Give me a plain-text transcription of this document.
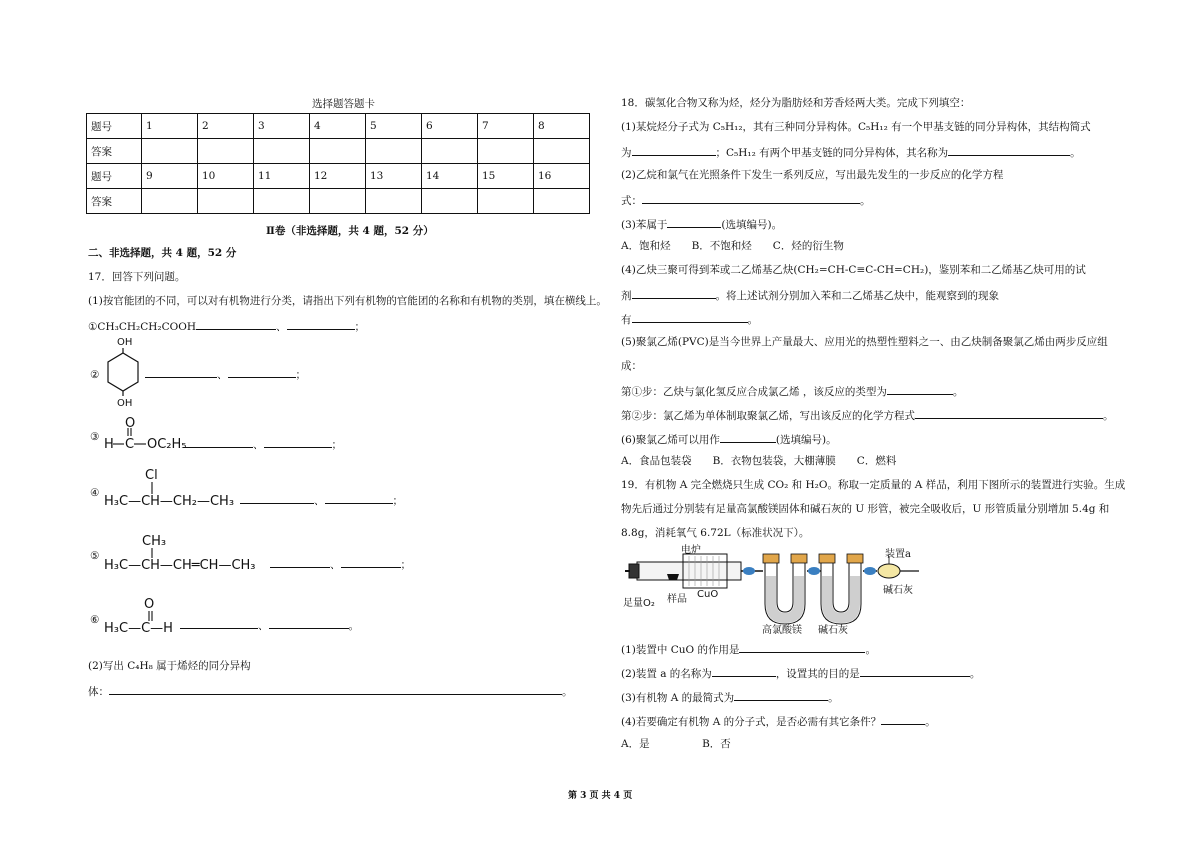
选择题答题卡
题号	1	2	3	4	5	6	7	8
答案								
题号	9	10	11	12	13	14	15	16
答案								
Ⅱ卷（非选择题，共 4 题，52 分）
二、非选择题，共 4 题，52 分
17．回答下列问题。
(1)按官能团的不同，可以对有机物进行分类，请指出下列有机物的官能团的名称和有机物的类别，填在横线上。
①CH₃CH₂CH₂COOH	、	；
②
OH
OH
、	；
③ H C
O
OC₂H₅	、	；
④
Cl
H₃C—CH—CH₂—CH₃	、	；
⑤
CH₃
H₃C—CH—CH═CH—CH₃	、	；
⑥
O
H₃C—C—H	、	。
(2)写出 C₄H₈ 属于烯烃的同分异构
体：	。
18．碳氢化合物又称为烃，烃分为脂肪烃和芳香烃两大类。完成下列填空：
(1)某烷烃分子式为 C₅H₁₂，其有三种同分异构体。C₅H₁₂ 有一个甲基支链的同分异构体，其结构简式
为	；C₅H₁₂ 有两个甲基支链的同分异构体，其名称为	。
(2)乙烷和氯气在光照条件下发生一系列反应，写出最先发生的一步反应的化学方程
式：	。
(3)苯属于	(选填编号)。
A．饱和烃　　B．不饱和烃　　C．烃的衍生物
(4)乙炔三聚可得到苯或二乙烯基乙炔(CH₂=CH-C≡C-CH=CH₂)，鉴别苯和二乙烯基乙炔可用的试
剂	。将上述试剂分别加入苯和二乙烯基乙炔中，能观察到的现象
有	。
(5)聚氯乙烯(PVC)是当今世界上产量最大、应用光的热塑性塑料之一、由乙炔制备聚氯乙烯由两步反应组
成：
第①步：乙炔与氯化氢反应合成氯乙烯 ，该反应的类型为	。
第②步：氯乙烯为单体制取聚氯乙烯，写出该反应的化学方程式	。
(6)聚氯乙烯可以用作	(选填编号)。
A．食品包装袋　　B．衣物包装袋，大棚薄膜　　C．燃料
19．有机物 A 完全燃烧只生成 CO₂ 和 H₂O。称取一定质量的 A 样品，利用下图所示的装置进行实验。生成
物先后通过分别装有足量高氯酸镁固体和碱石灰的 U 形管，被完全吸收后，U 形管质量分别增加 5.4g 和
8.8g，消耗氧气 6.72L（标准状况下）。
电炉
样品 CuO
足量O₂
高氯酸镁 碱石灰
装置a
碱石灰
(1)装置中 CuO 的作用是	。
(2)装置 a 的名称为	，设置其的目的是	。
(3)有机物 A 的最简式为	。
(4)若要确定有机物 A 的分子式，是否必需有其它条件？	。
A．是　　　　　B．否
第 3 页 共 4 页
